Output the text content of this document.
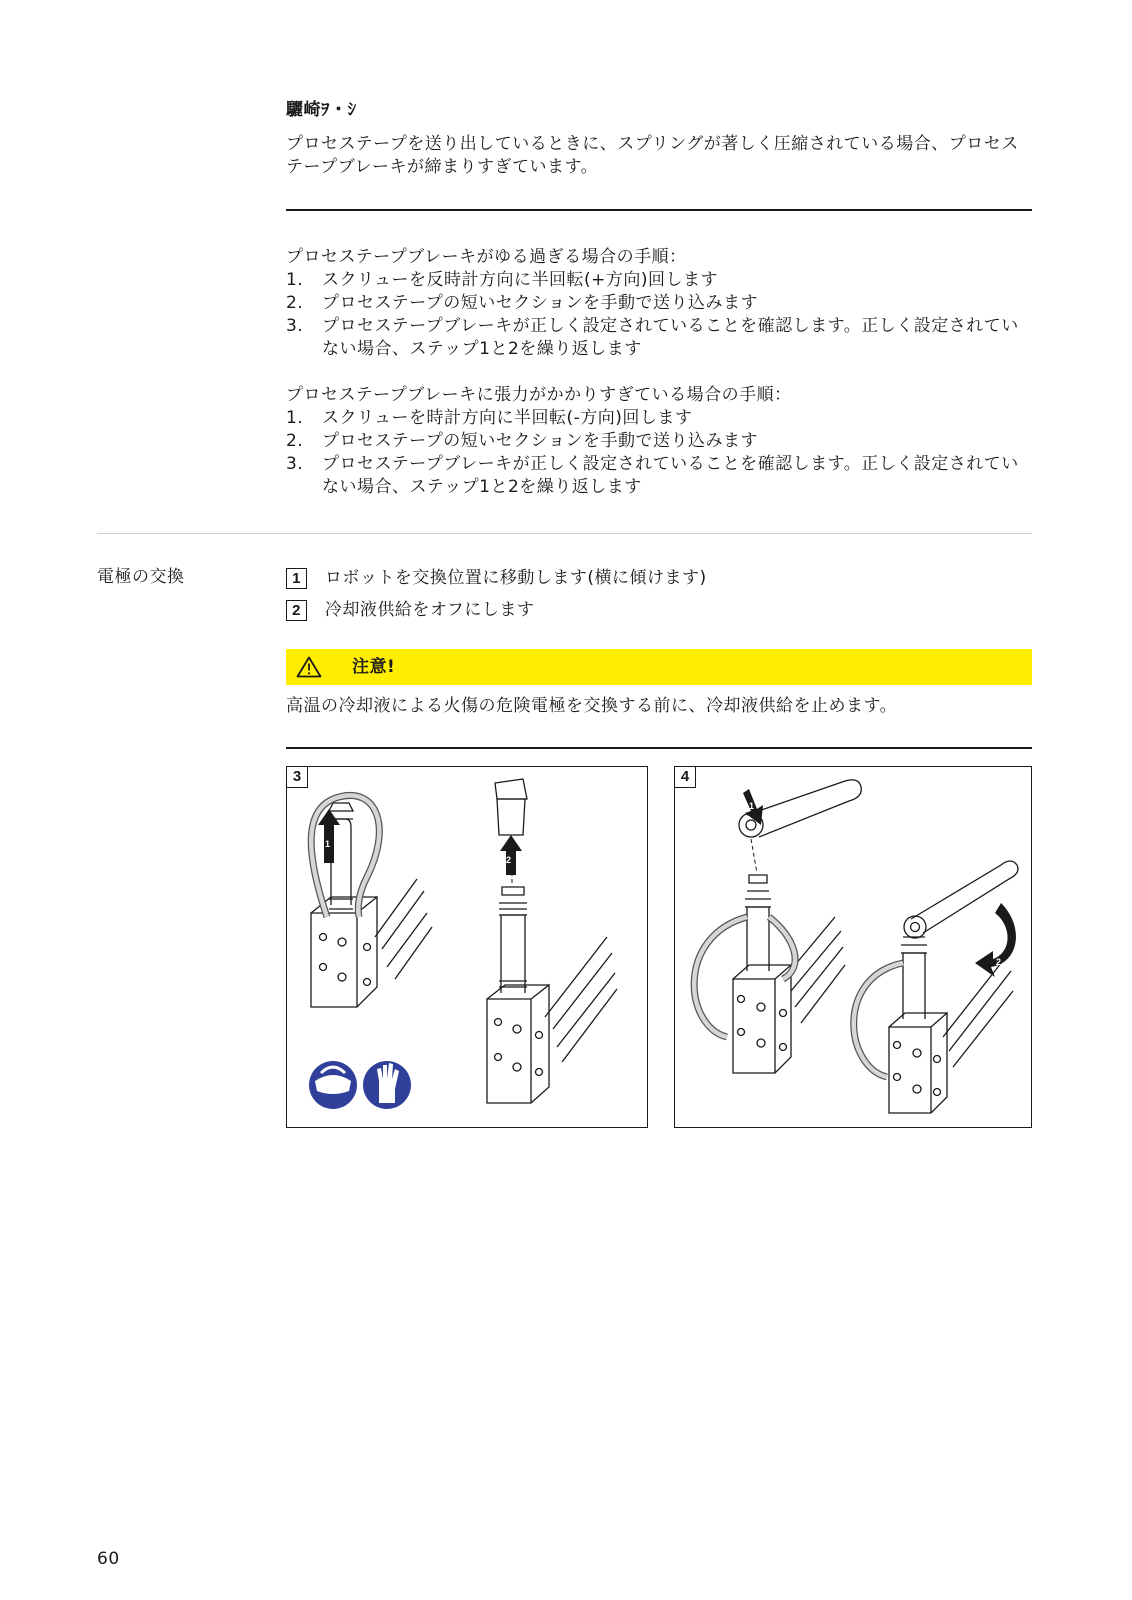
驪崎ｦ・ｼ
プロセステープを送り出しているときに、スプリングが著しく圧縮されている場合、プロセステープブレーキが締まりすぎています。
プロセステープブレーキがゆる過ぎる場合の手順：
1. スクリューを反時計方向に半回転(+方向)回します
2. プロセステープの短いセクションを手動で送り込みます
3. プロセステープブレーキが正しく設定されていることを確認します。正しく設定されていない場合、ステップ1と2を繰り返します
プロセステープブレーキに張力がかかりすぎている場合の手順：
1. スクリューを時計方向に半回転(-方向)回します
2. プロセステープの短いセクションを手動で送り込みます
3. プロセステープブレーキが正しく設定されていることを確認します。正しく設定されていない場合、ステップ1と2を繰り返します
電極の交換	1 ロボットを交換位置に移動します(横に傾けます)
2 冷却液供給をオフにします
注意!
高温の冷却液による火傷の危険電極を交換する前に、冷却液供給を止めます。
3
1
2
4
1
2
60
